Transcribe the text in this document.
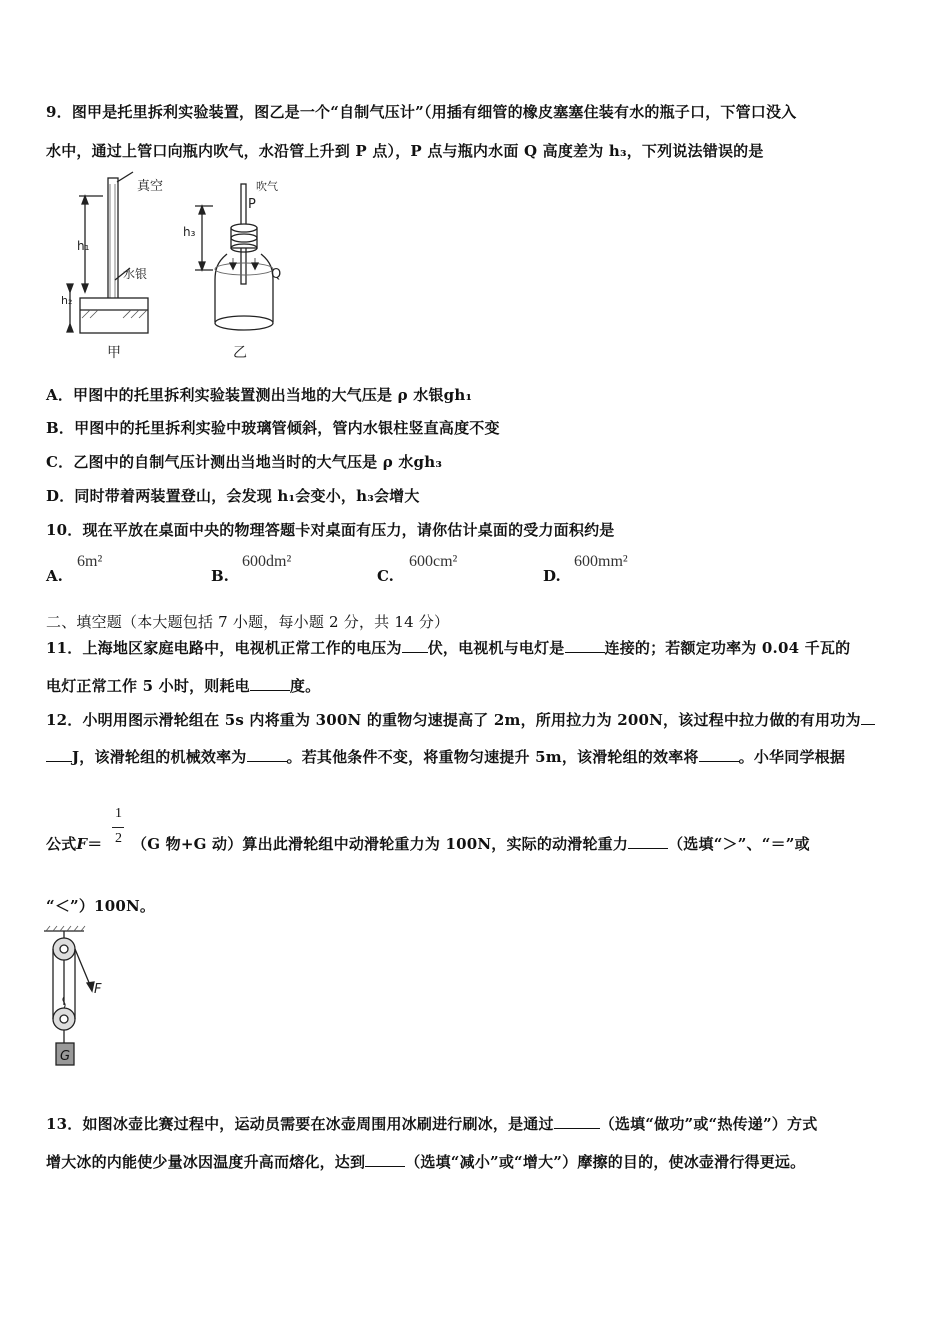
9．图甲是托里拆利实验装置，图乙是一个“自制气压计”（用插有细管的橡皮塞塞住装有水的瓶子口，下管口没入
水中，通过上管口向瓶内吹气，水沿管上升到 P 点），P 点与瓶内水面 Q 高度差为 h₃，下列说法错误的是
真空
水银
h₁
h₂
甲
吹气
P
Q
h₃
乙
A．甲图中的托里拆利实验装置测出当地的大气压是 ρ 水银gh₁
B．甲图中的托里拆利实验中玻璃管倾斜，管内水银柱竖直高度不变
C．乙图中的自制气压计测出当地当时的大气压是 ρ 水gh₃
D．同时带着两装置登山，会发现 h₁会变小，h₃会增大
10．现在平放在桌面中央的物理答题卡对桌面有压力，请你估计桌面的受力面积约是
A.
6m²
B.
600dm²
C.
600cm²
D.
600mm²
二、填空题（本大题包括 7 小题，每小题 2 分，共 14 分）
11．上海地区家庭电路中，电视机正常工作的电压为 伏，电视机与电灯是	连接的；若额定功率为 0.04 千瓦的
电灯正常工作 5 小时，则耗电	度。
12．小明用图示滑轮组在 5s 内将重为 300N 的重物匀速提高了 2m，所用拉力为 200N，该过程中拉力做的有用功为
J，该滑轮组的机械效率为	。若其他条件不变，将重物匀速提升 5m，该滑轮组的效率将	。小华同学根据
1
2
公式F＝ （G 物+G 动）算出此滑轮组中动滑轮重力为 100N，实际的动滑轮重力	（选填“＞”、“＝”或
“＜”）100N。
F
G
13．如图冰壶比赛过程中，运动员需要在冰壶周围用冰刷进行刷冰，是通过	（选填“做功”或“热传递”）方式
增大冰的内能使少量冰因温度升高而熔化，达到	（选填“减小”或“增大”）摩擦的目的，使冰壶滑行得更远。
